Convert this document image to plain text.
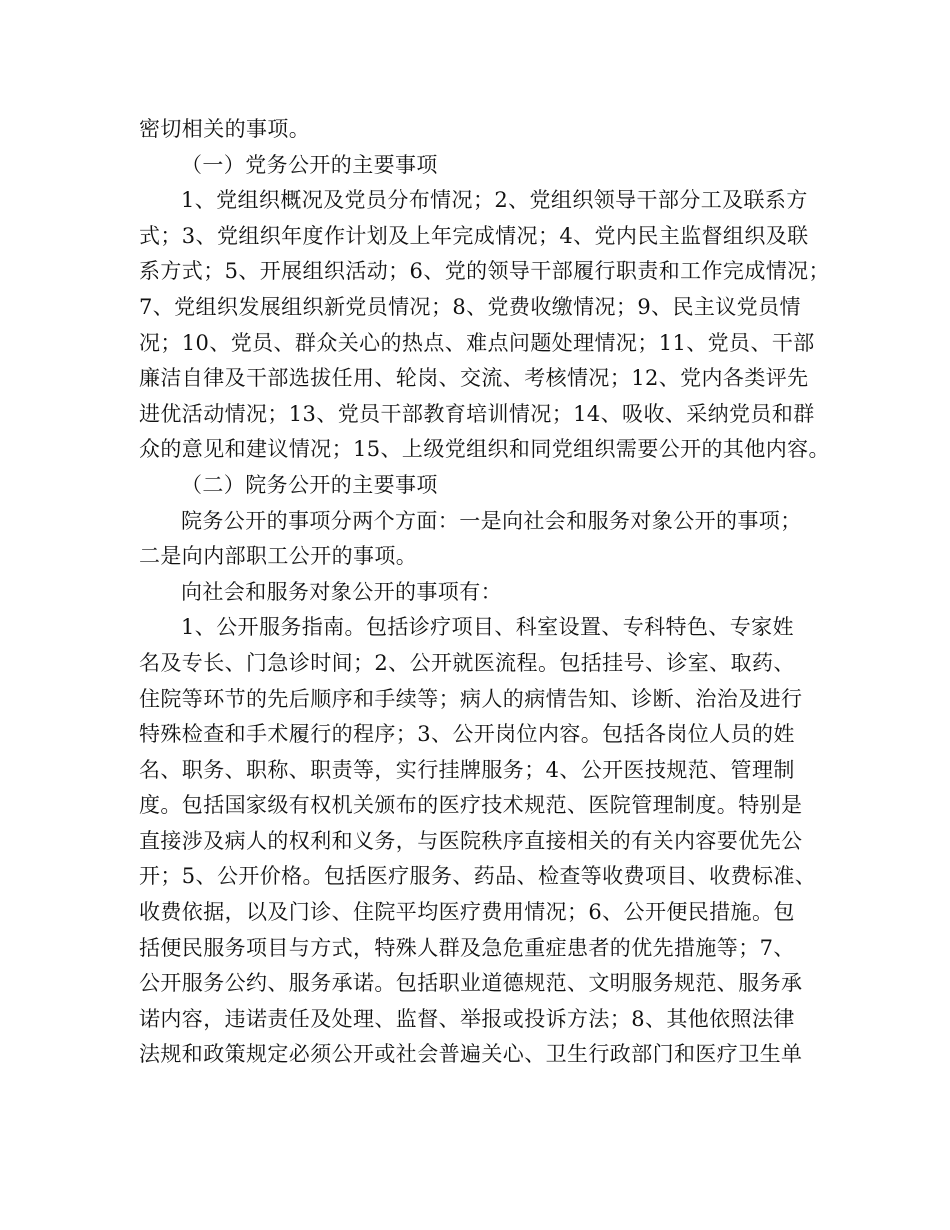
密切相关的事项。
（一）党务公开的主要事项
1、党组织概况及党员分布情况；2、党组织领导干部分工及联系方
式；3、党组织年度作计划及上年完成情况；4、党内民主监督组织及联
系方式；5、开展组织活动；6、党的领导干部履行职责和工作完成情况；
7、党组织发展组织新党员情况；8、党费收缴情况；9、民主议党员情
况；10、党员、群众关心的热点、难点问题处理情况；11、党员、干部
廉洁自律及干部选拔任用、轮岗、交流、考核情况；12、党内各类评先
进优活动情况；13、党员干部教育培训情况；14、吸收、采纳党员和群
众的意见和建议情况；15、上级党组织和同党组织需要公开的其他内容。
（二）院务公开的主要事项
院务公开的事项分两个方面：一是向社会和服务对象公开的事项；
二是向内部职工公开的事项。
向社会和服务对象公开的事项有：
1、公开服务指南。包括诊疗项目、科室设置、专科特色、专家姓
名及专长、门急诊时间；2、公开就医流程。包括挂号、诊室、取药、
住院等环节的先后顺序和手续等；病人的病情告知、诊断、治治及进行
特殊检查和手术履行的程序；3、公开岗位内容。包括各岗位人员的姓
名、职务、职称、职责等，实行挂牌服务；4、公开医技规范、管理制
度。包括国家级有权机关颁布的医疗技术规范、医院管理制度。特别是
直接涉及病人的权利和义务，与医院秩序直接相关的有关内容要优先公
开；5、公开价格。包括医疗服务、药品、检查等收费项目、收费标准、
收费依据，以及门诊、住院平均医疗费用情况；6、公开便民措施。包
括便民服务项目与方式，特殊人群及急危重症患者的优先措施等；7、
公开服务公约、服务承诺。包括职业道德规范、文明服务规范、服务承
诺内容，违诺责任及处理、监督、举报或投诉方法；8、其他依照法律
法规和政策规定必须公开或社会普遍关心、卫生行政部门和医疗卫生单
